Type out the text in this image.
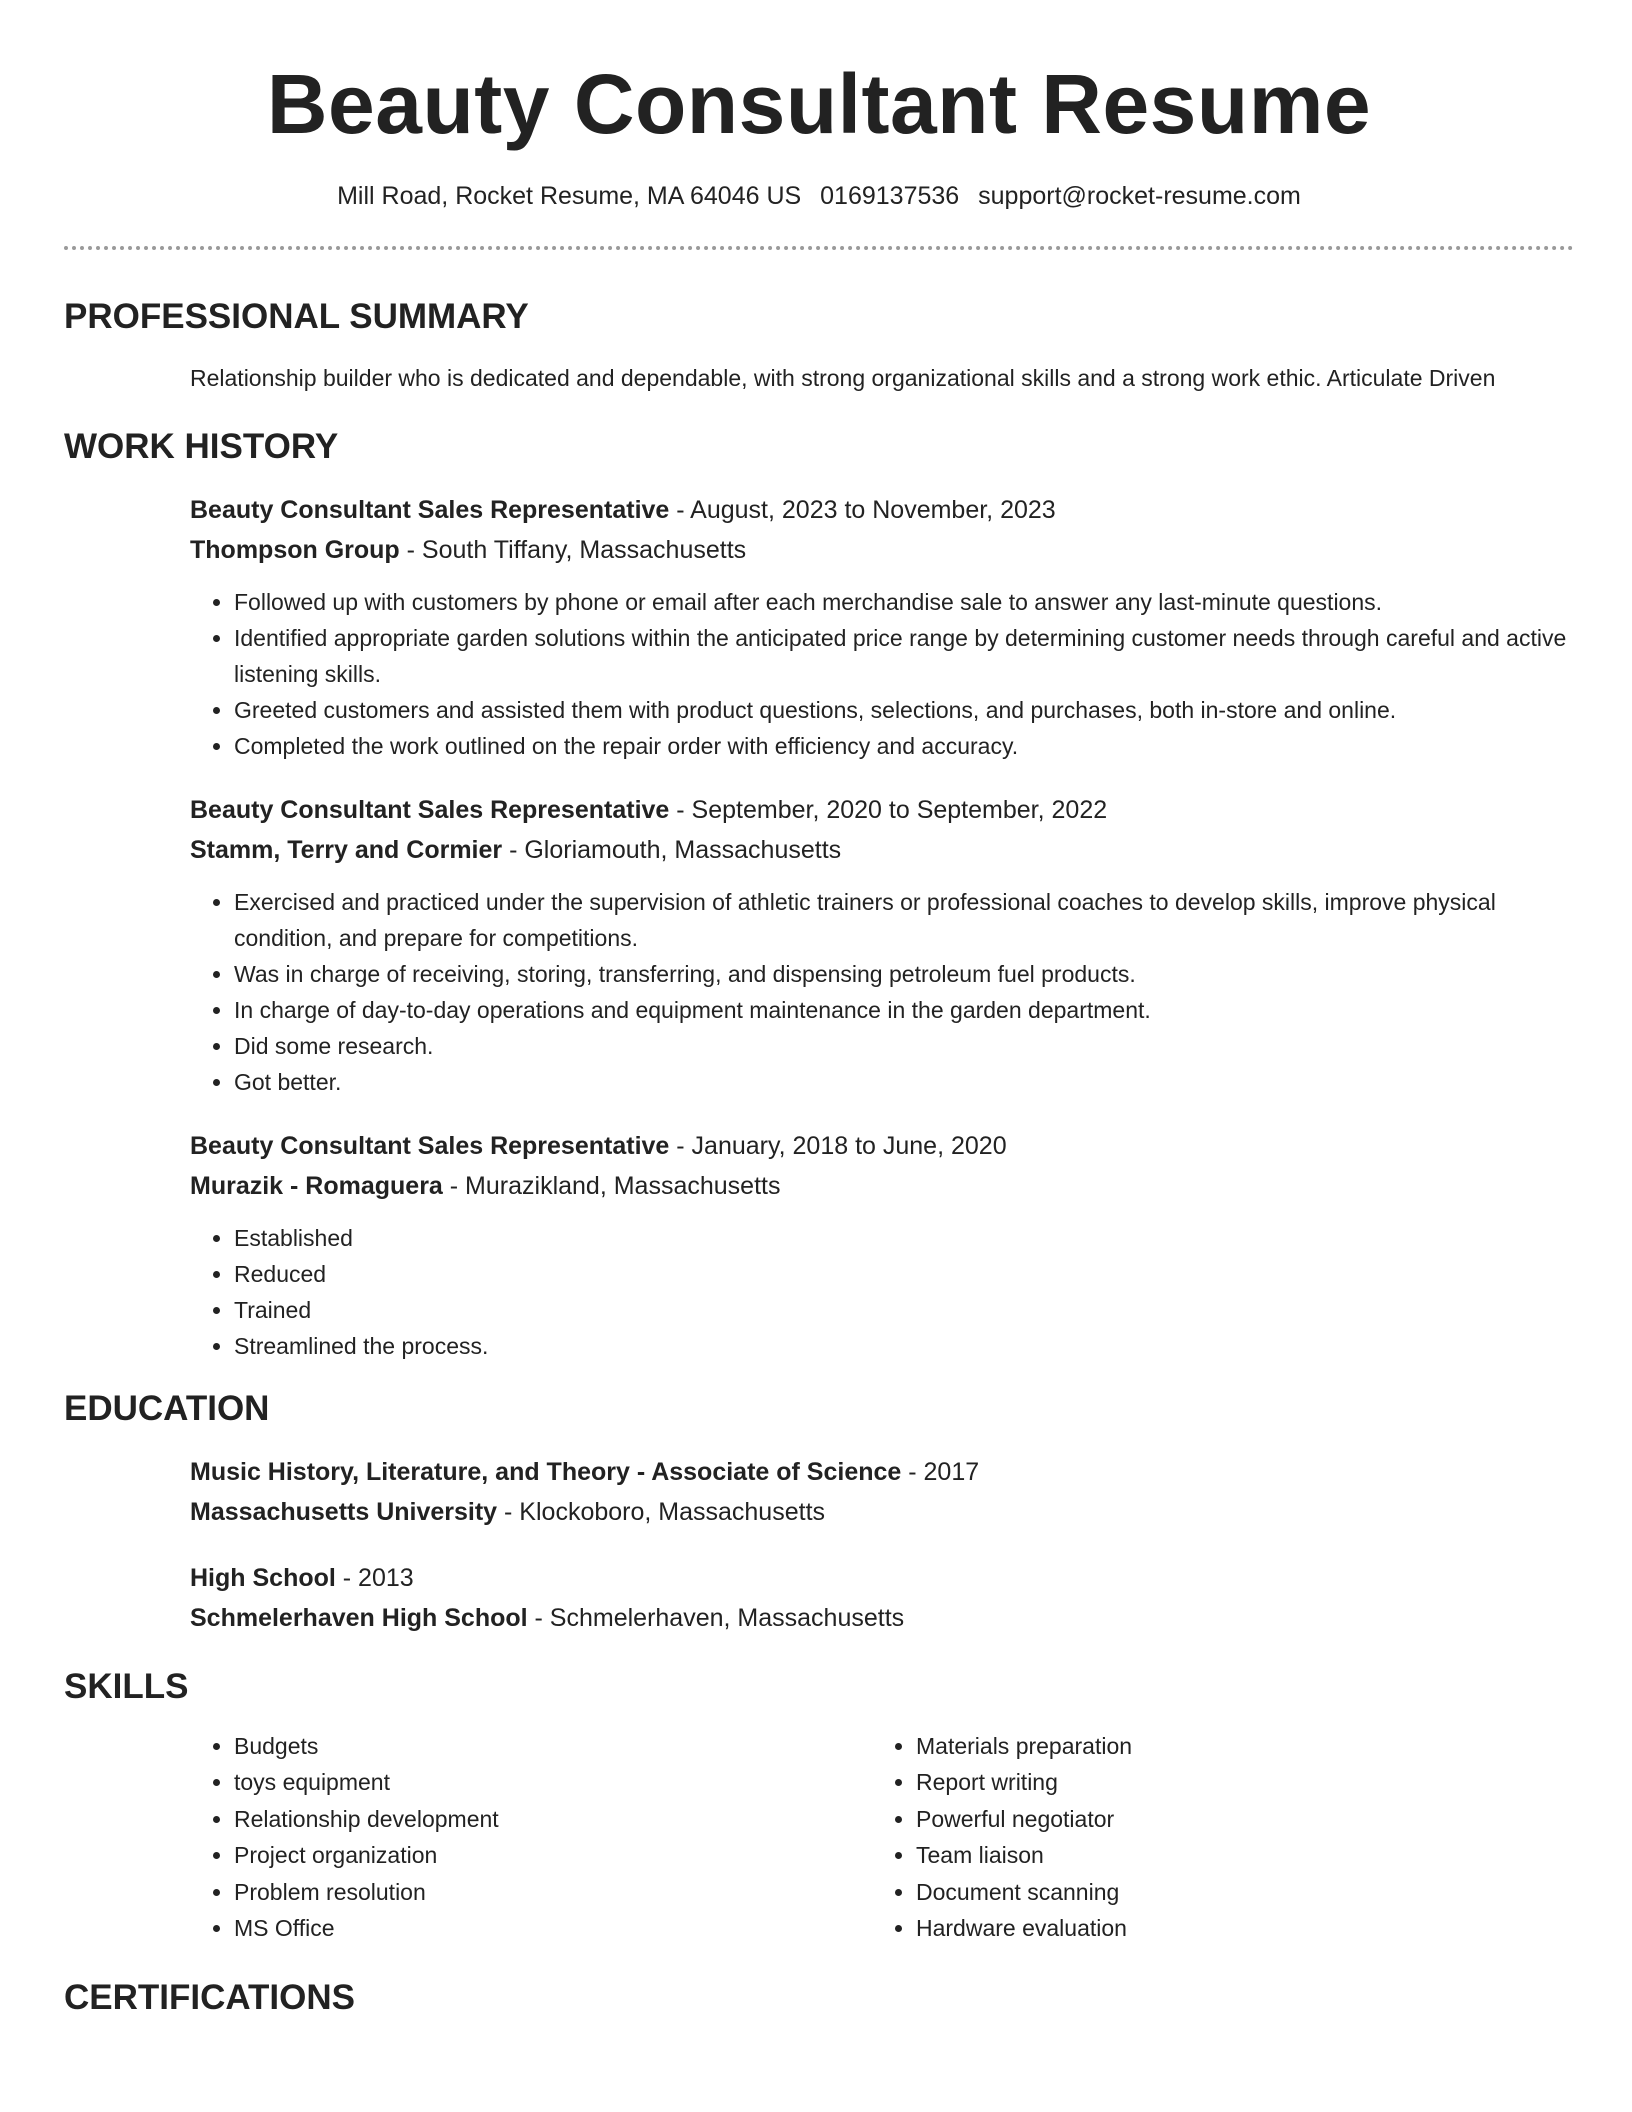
Beauty Consultant Resume
Mill Road, Rocket Resume, MA 64046 US 0169137536 support@rocket-resume.com
PROFESSIONAL SUMMARY
Relationship builder who is dedicated and dependable, with strong organizational skills and a strong work ethic. Articulate Driven
WORK HISTORY
Beauty Consultant Sales Representative - August, 2023 to November, 2023
Thompson Group - South Tiffany, Massachusetts
• Followed up with customers by phone or email after each merchandise sale to answer any last-minute questions.
• Identified appropriate garden solutions within the anticipated price range by determining customer needs through careful and active listening skills.
• Greeted customers and assisted them with product questions, selections, and purchases, both in-store and online.
• Completed the work outlined on the repair order with efficiency and accuracy.
Beauty Consultant Sales Representative - September, 2020 to September, 2022
Stamm, Terry and Cormier - Gloriamouth, Massachusetts
• Exercised and practiced under the supervision of athletic trainers or professional coaches to develop skills, improve physical condition, and prepare for competitions.
• Was in charge of receiving, storing, transferring, and dispensing petroleum fuel products.
• In charge of day-to-day operations and equipment maintenance in the garden department.
• Did some research.
• Got better.
Beauty Consultant Sales Representative - January, 2018 to June, 2020
Murazik - Romaguera - Murazikland, Massachusetts
• Established
• Reduced
• Trained
• Streamlined the process.
EDUCATION
Music History, Literature, and Theory - Associate of Science - 2017
Massachusetts University - Klockoboro, Massachusetts
High School - 2013
Schmelerhaven High School - Schmelerhaven, Massachusetts
SKILLS
• Budgets
• toys equipment
• Relationship development
• Project organization
• Problem resolution
• MS Office
• Materials preparation
• Report writing
• Powerful negotiator
• Team liaison
• Document scanning
• Hardware evaluation
CERTIFICATIONS
